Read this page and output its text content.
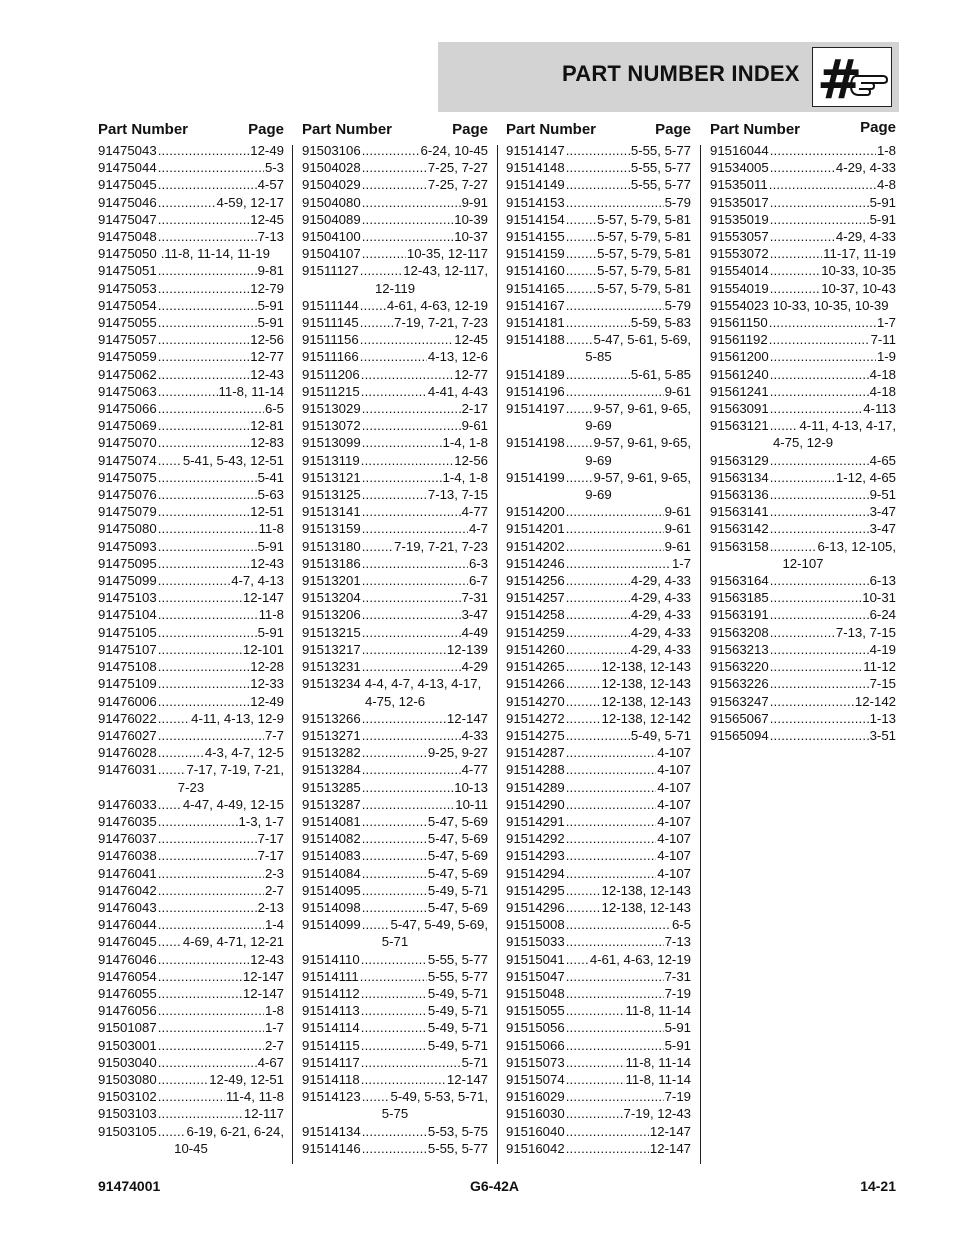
PART NUMBER INDEX #
Part Number	Page
91475043 .....	12-49
91475044 .....	5-3
91475045 .....	4-57
91475046 .....	4-59, 12-17
91475047 .....	12-45
91475048 .....	7-13
91475050 .11-8, 11-14, 11-19
91475051 .....	9-81
91475053 .....	12-79
91475054 .....	5-91
91475055 .....	5-91
91475057 .....	12-56
91475059 .....	12-77
91475062 .....	12-43
91475063 .....	11-8, 11-14
91475066 .....	6-5
91475069 .....	12-81
91475070 .....	12-83
91475074 ..... 5-41, 5-43, 12-51
91475075 .....	5-41
91475076 .....	5-63
91475079 .....	12-51
91475080 .....	11-8
91475093 .....	5-91
91475095 .....	12-43
91475099 .....	4-7, 4-13
91475103 .....	12-147
91475104 .....	11-8
91475105 .....	5-91
91475107 .....	12-101
91475108 .....	12-28
91475109 .....	12-33
91476006 .....	12-49
91476022 .....	4-11, 4-13, 12-9
91476027 .....	7-7
91476028 .....	4-3, 4-7, 12-5
91476031 ..... 7-17, 7-19, 7-21,
7-23
91476033 ..... 4-47, 4-49, 12-15
91476035 .....	1-3, 1-7
91476037 .....	7-17
91476038 .....	7-17
91476041 .....	2-3
91476042 .....	2-7
91476043 .....	2-13
91476044 .....	1-4
91476045 ..... 4-69, 4-71, 12-21
91476046 .....	12-43
91476054 .....	12-147
91476055 .....	12-147
91476056 .....	1-8
91501087 .....	1-7
91503001 .....	2-7
91503040 .....	4-67
91503080 .....	12-49, 12-51
91503102 .....	11-4, 11-8
91503103 .....	12-117
91503105 ..... 6-19, 6-21, 6-24,
10-45
Part Number	Page
91503106 .....	6-24, 10-45
91504028 .....	7-25, 7-27
91504029 .....	7-25, 7-27
91504080 .....	9-91
91504089 .....	10-39
91504100 .....	10-37
91504107 .....	10-35, 12-117
91511127 .....	12-43, 12-117,
12-119
91511144 ..... 4-61, 4-63, 12-19
91511145 .....	7-19, 7-21, 7-23
91511156 .....	12-45
91511166 .....	4-13, 12-6
91511206 .....	12-77
91511215 .....	4-41, 4-43
91513029 .....	2-17
91513072 .....	9-61
91513099 .....	1-4, 1-8
91513119 .....	12-56
91513121 .....	1-4, 1-8
91513125 .....	7-13, 7-15
91513141 .....	4-77
91513159 .....	4-7
91513180 .....	7-19, 7-21, 7-23
91513186 .....	6-3
91513201 .....	6-7
91513204 .....	7-31
91513206 .....	3-47
91513215 .....	4-49
91513217 .....	12-139
91513231 .....	4-29
91513234 4-4, 4-7, 4-13, 4-17,
4-75, 12-6
91513266 .....	12-147
91513271 .....	4-33
91513282 .....	9-25, 9-27
91513284 .....	4-77
91513285 .....	10-13
91513287 .....	10-11
91514081 .....	5-47, 5-69
91514082 .....	5-47, 5-69
91514083 .....	5-47, 5-69
91514084 .....	5-47, 5-69
91514095 .....	5-49, 5-71
91514098 .....	5-47, 5-69
91514099 ..... 5-47, 5-49, 5-69,
5-71
91514110 .....	5-55, 5-77
91514111 .....	5-55, 5-77
91514112 .....	5-49, 5-71
91514113 .....	5-49, 5-71
91514114 .....	5-49, 5-71
91514115 .....	5-49, 5-71
91514117 .....	5-71
91514118 .....	12-147
91514123 ..... 5-49, 5-53, 5-71,
5-75
91514134 .....	5-53, 5-75
91514146 .....	5-55, 5-77
Part Number	Page
91514147 .....	5-55, 5-77
91514148 .....	5-55, 5-77
91514149 .....	5-55, 5-77
91514153 .....	5-79
91514154 ..... 5-57, 5-79, 5-81
91514155 ..... 5-57, 5-79, 5-81
91514159 ..... 5-57, 5-79, 5-81
91514160 ..... 5-57, 5-79, 5-81
91514165 ..... 5-57, 5-79, 5-81
91514167 .....	5-79
91514181 .....	5-59, 5-83
91514188 ..... 5-47, 5-61, 5-69,
5-85
91514189 .....	5-61, 5-85
91514196 .....	9-61
91514197 ..... 9-57, 9-61, 9-65,
9-69
91514198 ..... 9-57, 9-61, 9-65,
9-69
91514199 ..... 9-57, 9-61, 9-65,
9-69
91514200 .....	9-61
91514201 .....	9-61
91514202 .....	9-61
91514246 .....	1-7
91514256 .....	4-29, 4-33
91514257 .....	4-29, 4-33
91514258 .....	4-29, 4-33
91514259 .....	4-29, 4-33
91514260 .....	4-29, 4-33
91514265 .....	12-138, 12-143
91514266 .....	12-138, 12-143
91514270 .....	12-138, 12-143
91514272 .....	12-138, 12-142
91514275 .....	5-49, 5-71
91514287 .....	4-107
91514288 .....	4-107
91514289 .....	4-107
91514290 .....	4-107
91514291 .....	4-107
91514292 .....	4-107
91514293 .....	4-107
91514294 .....	4-107
91514295 .....	12-138, 12-143
91514296 .....	12-138, 12-143
91515008 .....	6-5
91515033 .....	7-13
91515041 ..... 4-61, 4-63, 12-19
91515047 .....	7-31
91515048 .....	7-19
91515055 .....	11-8, 11-14
91515056 .....	5-91
91515066 .....	5-91
91515073 .....	11-8, 11-14
91515074 .....	11-8, 11-14
91516029 .....	7-19
91516030 .....	7-19, 12-43
91516040 .....	12-147
91516042 .....	12-147
Part Number	Page
91516044 .....	1-8
91534005 .....	4-29, 4-33
91535011 .....	4-8
91535017 .....	5-91
91535019 .....	5-91
91553057 .....	4-29, 4-33
91553072 .....	11-17, 11-19
91554014 .....	10-33, 10-35
91554019 .....	10-37, 10-43
91554023 10-33, 10-35, 10-39
91561150 .....	1-7
91561192 .....	7-11
91561200 .....	1-9
91561240 .....	4-18
91561241 .....	4-18
91563091 .....	4-113
91563121 ..... 4-11, 4-13, 4-17,
4-75, 12-9
91563129 .....	4-65
91563134 .....	1-12, 4-65
91563136 .....	9-51
91563141 .....	3-47
91563142 .....	3-47
91563158 .....	6-13, 12-105,
12-107
91563164 .....	6-13
91563185 .....	10-31
91563191 .....	6-24
91563208 .....	7-13, 7-15
91563213 .....	4-19
91563220 .....	11-12
91563226 .....	7-15
91563247 .....	12-142
91565067 .....	1-13
91565094 .....	3-51
91474001	G6-42A	14-21
